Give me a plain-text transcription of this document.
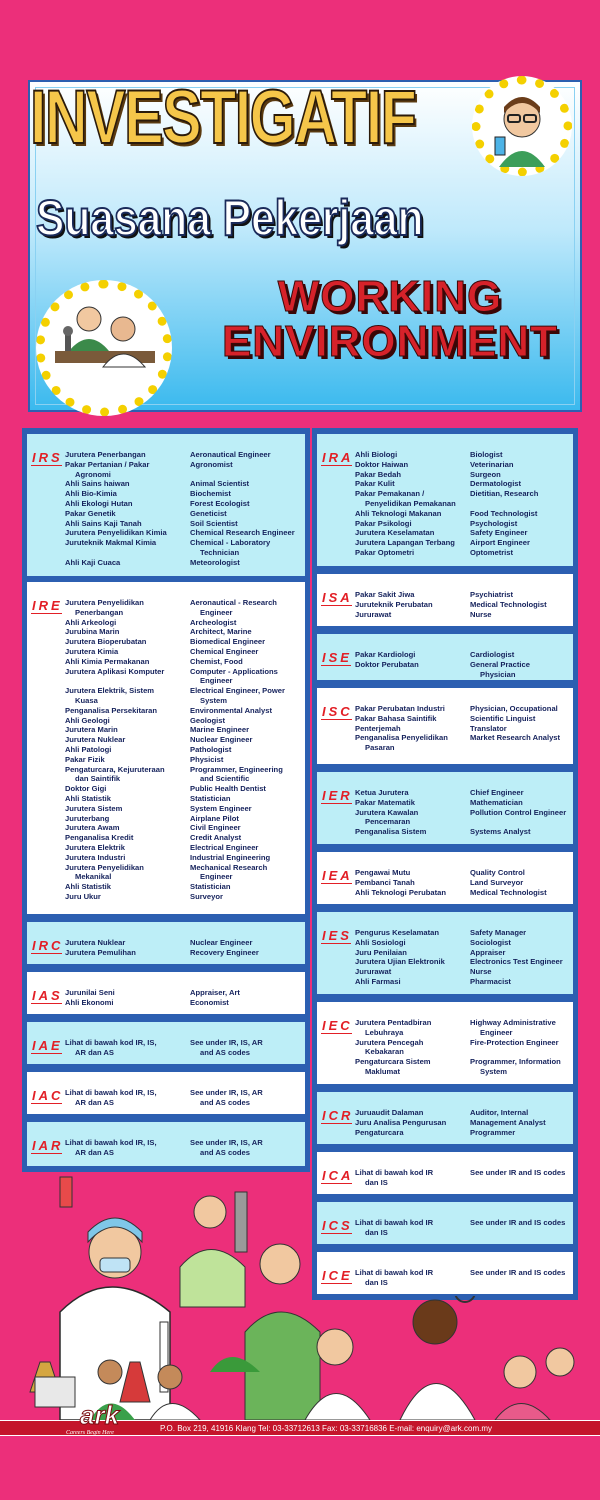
INVESTIGATIF
Suasana Pekerjaan
WORKING
ENVIRONMENT
P.O. Box 219, 41916 Klang Tel: 03-33712613 Fax: 03-33716836 E-mail: enquiry@ark.com.my
ark
Careers Begin Here
I R S Jurutera Penerbangan
Pakar Pertanian / Pakar
Agronomi
Ahli Sains haiwan
Ahli Bio-Kimia
Ahli Ekologi Hutan
Pakar Genetik
Ahli Sains Kaji Tanah
Jurutera Penyelidikan Kimia
Juruteknik Makmal Kimia
Ahli Kaji Cuaca
Aeronautical Engineer
Agronomist
Animal Scientist
Biochemist
Forest Ecologist
Geneticist
Soil Scientist
Chemical Research Engineer
Chemical - Laboratory
Technician
Meteorologist
I R E Jurutera Penyelidikan
Penerbangan
Ahli Arkeologi
Jurubina Marin
Jurutera Bioperubatan
Jurutera Kimia
Ahli Kimia Permakanan
Jurutera Aplikasi Komputer
Jurutera Elektrik, Sistem
Kuasa
Penganalisa Persekitaran
Ahli Geologi
Jurutera Marin
Jurutera Nuklear
Ahli Patologi
Pakar Fizik
Pengaturcara, Kejuruteraan
dan Saintifik
Doktor Gigi
Ahli Statistik
Jurutera Sistem
Juruterbang
Jurutera Awam
Penganalisa Kredit
Jurutera Elektrik
Jurutera Industri
Jurutera Penyelidikan
Mekanikal
Ahli Statistik
Juru Ukur
Aeronautical - Research
Engineer
Archeologist
Architect, Marine
Biomedical Engineer
Chemical Engineer
Chemist, Food
Computer - Applications
Engineer
Electrical Engineer, Power
System
Environmental Analyst
Geologist
Marine Engineer
Nuclear Engineer
Pathologist
Physicist
Programmer, Engineering
and Scientific
Public Health Dentist
Statistician
System Engineer
Airplane Pilot
Civil Engineer
Credit Analyst
Electrical Engineer
Industrial Engineering
Mechanical Research
Engineer
Statistician
Surveyor
I R C Jurutera Nuklear
Jurutera Pemulihan
Nuclear Engineer
Recovery Engineer
I A S Jurunilai Seni
Ahli Ekonomi
Appraiser, Art
Economist
I A E Lihat di bawah kod IR, IS,
AR dan AS
See under IR, IS, AR
and AS codes
I A C Lihat di bawah kod IR, IS,
AR dan AS
See under IR, IS, AR
and AS codes
I A R Lihat di bawah kod IR, IS,
AR dan AS
See under IR, IS, AR
and AS codes
I R A Ahli Biologi
Doktor Haiwan
Pakar Bedah
Pakar Kulit
Pakar Pemakanan /
Penyelidikan Pemakanan
Ahli Teknologi Makanan
Pakar Psikologi
Jurutera Keselamatan
Jurutera Lapangan Terbang
Pakar Optometri
Biologist
Veterinarian
Surgeon
Dermatologist
Dietitian, Research
Food Technologist
Psychologist
Safety Engineer
Airport Engineer
Optometrist
I S A Pakar Sakit Jiwa
Juruteknik Perubatan
Jururawat
Psychiatrist
Medical Technologist
Nurse
I S E Pakar Kardiologi
Doktor Perubatan
Cardiologist
General Practice
Physician
I S C Pakar Perubatan Industri
Pakar Bahasa Saintifik
Penterjemah
Penganalisa Penyelidikan
Pasaran
Physician, Occupational
Scientific Linguist
Translator
Market Research Analyst
I E R Ketua Jurutera
Pakar Matematik
Jurutera Kawalan
Pencemaran
Penganalisa Sistem
Chief Engineer
Mathematician
Pollution Control Engineer
Systems Analyst
I E A Pengawai Mutu
Pembanci Tanah
Ahli Teknologi Perubatan
Quality Control
Land Surveyor
Medical Technologist
I E S Pengurus Keselamatan
Ahli Sosiologi
Juru Penilaian
Jurutera Ujian Elektronik
Jururawat
Ahli Farmasi
Safety Manager
Sociologist
Appraiser
Electronics Test Engineer
Nurse
Pharmacist
I E C Jurutera Pentadbiran
Lebuhraya
Jurutera Pencegah
Kebakaran
Pengaturcara Sistem
Maklumat
Highway Administrative
Engineer
Fire-Protection Engineer
Programmer, Information
System
I C R Juruaudit Dalaman
Juru Analisa Pengurusan
Pengaturcara
Auditor, Internal
Management Analyst
Programmer
I C A Lihat di bawah kod IR
dan IS
See under IR and IS codes
I C S Lihat di bawah kod IR
dan IS
See under IR and IS codes
I C E Lihat di bawah kod IR
dan IS
See under IR and IS codes
